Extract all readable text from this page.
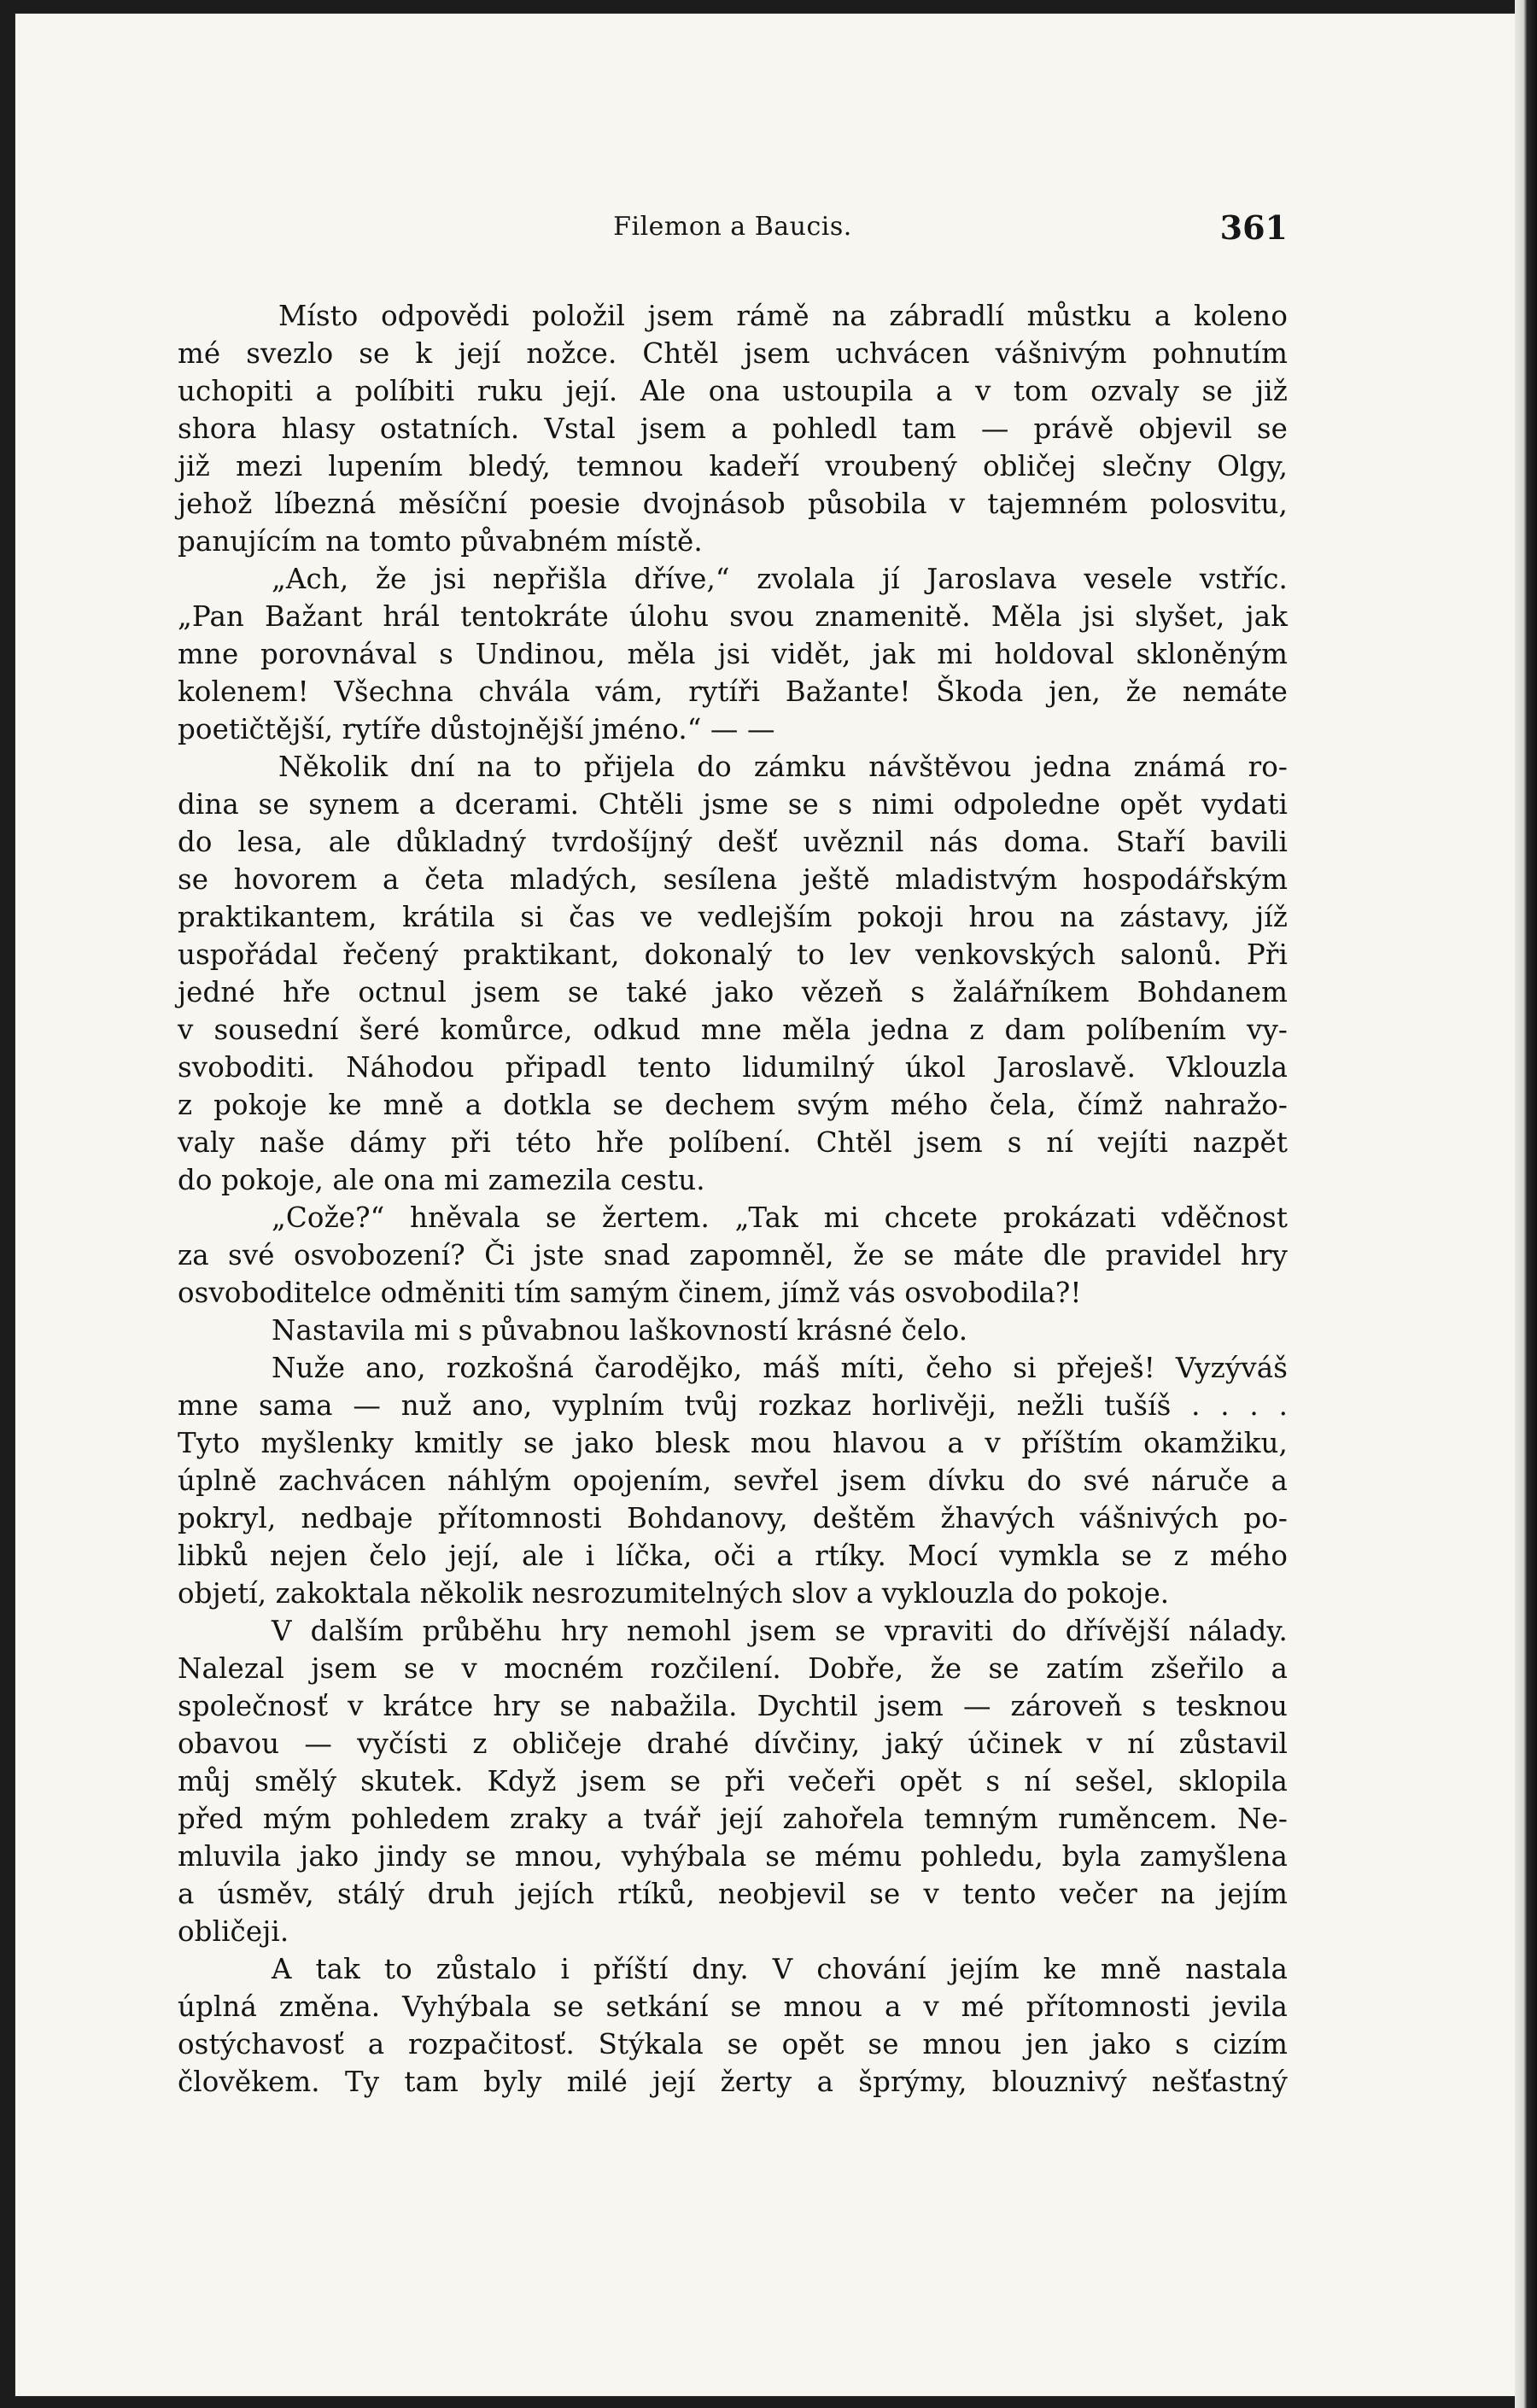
Filemon a Baucis.	361

Místo odpovědi položil jsem rámě na zábradlí můstku a koleno
mé svezlo se k její nožce. Chtěl jsem uchvácen vášnivým pohnutím
uchopiti a políbiti ruku její. Ale ona ustoupila a v tom ozvaly se již
shora hlasy ostatních. Vstal jsem a pohledl tam — právě objevil se
již mezi lupením bledý, temnou kadeří vroubený obličej slečny Olgy,
jehož líbezná měsíční poesie dvojnásob působila v tajemném polosvitu,
panujícím na tomto půvabném místě.

„Ach, že jsi nepřišla dříve,“ zvolala jí Jaroslava vesele vstříc.
„Pan Bažant hrál tentokráte úlohu svou znamenitě. Měla jsi slyšet, jak
mne porovnával s Undinou, měla jsi vidět, jak mi holdoval skloněným
kolenem! Všechna chvála vám, rytíři Bažante! Škoda jen, že nemáte
poetičtější, rytíře důstojnější jméno.“ — —

Několik dní na to přijela do zámku návštěvou jedna známá ro-
dina se synem a dcerami. Chtěli jsme se s nimi odpoledne opět vydati
do lesa, ale důkladný tvrdošíjný dešť uvěznil nás doma. Staří bavili
se hovorem a četa mladých, sesílena ještě mladistvým hospodářským
praktikantem, krátila si čas ve vedlejším pokoji hrou na zástavy, jíž
uspořádal řečený praktikant, dokonalý to lev venkovských salonů. Při
jedné hře octnul jsem se také jako vězeň s žalářníkem Bohdanem
v sousední šeré komůrce, odkud mne měla jedna z dam políbením vy-
svoboditi. Náhodou připadl tento lidumilný úkol Jaroslavě. Vklouzla
z pokoje ke mně a dotkla se dechem svým mého čela, čímž nahražo-
valy naše dámy při této hře políbení. Chtěl jsem s ní vejíti nazpět
do pokoje, ale ona mi zamezila cestu.

„Cože?“ hněvala se žertem. „Tak mi chcete prokázati vděčnost
za své osvobození? Či jste snad zapomněl, že se máte dle pravidel hry
osvoboditelce odměniti tím samým činem, jímž vás osvobodila?!

Nastavila mi s půvabnou laškovností krásné čelo.

Nuže ano, rozkošná čarodějko, máš míti, čeho si přeješ! Vyzýváš
mne sama — nuž ano, vyplním tvůj rozkaz horlivěji, nežli tušíš . . . .
Tyto myšlenky kmitly se jako blesk mou hlavou a v příštím okamžiku,
úplně zachvácen náhlým opojením, sevřel jsem dívku do své náruče a
pokryl, nedbaje přítomnosti Bohdanovy, deštěm žhavých vášnivých po-
libků nejen čelo její, ale i líčka, oči a rtíky. Mocí vymkla se z mého
objetí, zakoktala několik nesrozumitelných slov a vyklouzla do pokoje.

V dalším průběhu hry nemohl jsem se vpraviti do dřívější nálady.
Nalezal jsem se v mocném rozčilení. Dobře, že se zatím zšeřilo a
společnosť v krátce hry se nabažila. Dychtil jsem — zároveň s tesknou
obavou — vyčísti z obličeje drahé dívčiny, jaký účinek v ní zůstavil
můj smělý skutek. Když jsem se při večeři opět s ní sešel, sklopila
před mým pohledem zraky a tvář její zahořela temným ruměncem. Ne-
mluvila jako jindy se mnou, vyhýbala se mému pohledu, byla zamyšlena
a úsměv, stálý druh jejích rtíků, neobjevil se v tento večer na jejím
obličeji.

A tak to zůstalo i příští dny. V chování jejím ke mně nastala
úplná změna. Vyhýbala se setkání se mnou a v mé přítomnosti jevila
ostýchavosť a rozpačitosť. Stýkala se opět se mnou jen jako s cizím
člověkem. Ty tam byly milé její žerty a šprýmy, blouznivý nešťastný
